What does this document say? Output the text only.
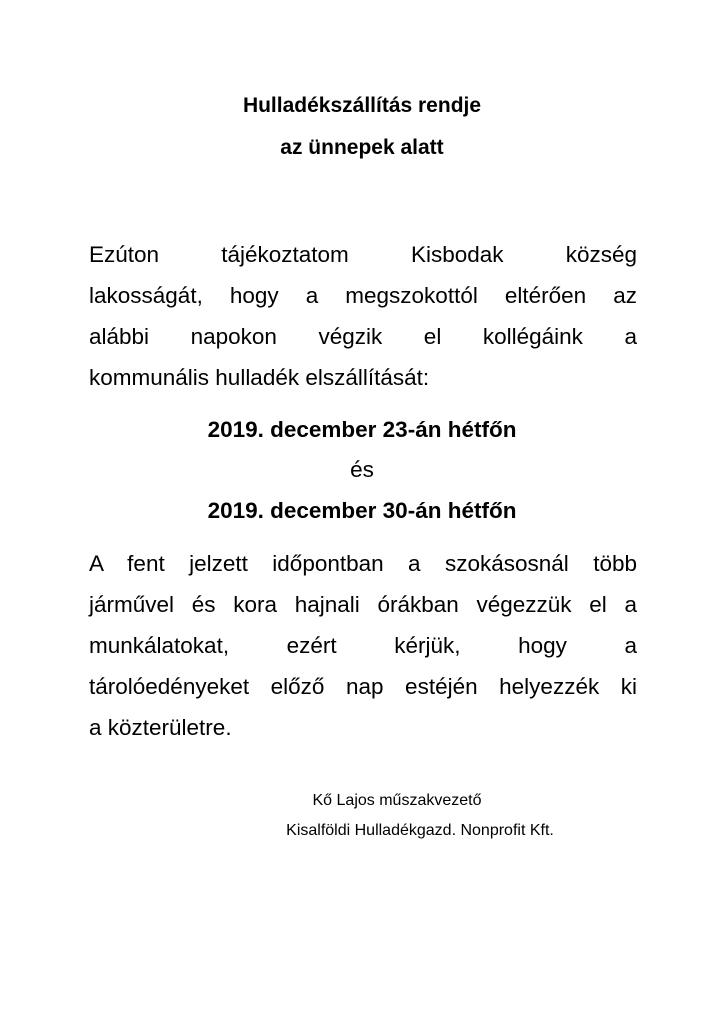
Hulladékszállítás rendje
az ünnepek alatt
Ezúton tájékoztatom Kisbodak község
lakosságát, hogy a megszokottól eltérően az
alábbi napokon végzik el kollégáink a
kommunális hulladék elszállítását:
2019. december 23-án hétfőn
és
2019. december 30-án hétfőn
A fent jelzett időpontban a szokásosnál több
járművel és kora hajnali órákban végezzük el a
munkálatokat, ezért kérjük, hogy a
tárolóedényeket előző nap estéjén helyezzék ki
a közterületre.
Kő Lajos műszakvezető
Kisalföldi Hulladékgazd. Nonprofit Kft.
